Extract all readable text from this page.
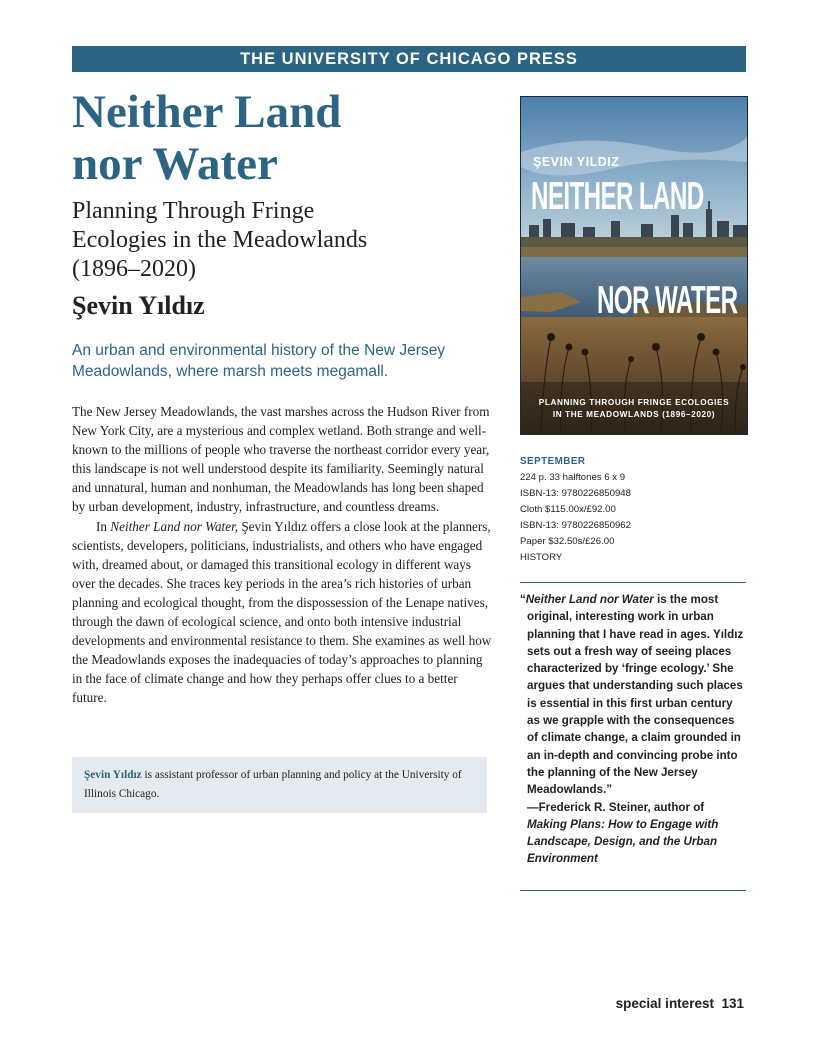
THE UNIVERSITY OF CHICAGO PRESS
Neither Land
nor Water
Planning Through Fringe
Ecologies in the Meadowlands
(1896–2020)
Şevin Yıldız
An urban and environmental history of the New Jersey Meadowlands, where marsh meets megamall.

The New Jersey Meadowlands, the vast marshes across the Hudson River from New York City, are a mysterious and complex wetland. Both strange and well-known to the millions of people who traverse the northeast corridor every year, this landscape is not well understood despite its familiarity. Seemingly natural and unnatural, human and nonhuman, the Meadowlands has long been shaped by urban development, industry, infrastructure, and countless dreams.

In Neither Land nor Water, Şevin Yıldız offers a close look at the planners, scientists, developers, politicians, industrialists, and others who have engaged with, dreamed about, or damaged this transitional ecology in different ways over the decades. She traces key periods in the area’s rich histories of urban planning and ecological thought, from the dispossession of the Lenape natives, through the dawn of ecological science, and onto both intensive industrial developments and environmental resistance to them. She examines as well how the Meadowlands exposes the inadequacies of today’s approaches to planning in the face of climate change and how they perhaps offer clues to a better future.

Şevin Yıldız is assistant professor of urban planning and policy at the University of Illinois Chicago.
ŞEVIN YILDIZ
NEITHER LAND
NOR WATER
PLANNING THROUGH FRINGE ECOLOGIES
IN THE MEADOWLANDS (1896–2020)
SEPTEMBER
224 p. 33 halftones 6 x 9
ISBN-13: 9780226850948
Cloth $115.00x/£92.00
ISBN-13: 9780226850962
Paper $32.50s/£26.00
HISTORY

“Neither Land nor Water is the most original, interesting work in urban planning that I have read in ages. Yıldız sets out a fresh way of seeing places characterized by ‘fringe ecology.’ She argues that understanding such places is essential in this first urban century as we grapple with the consequences of climate change, a claim grounded in an in-depth and convincing probe into the planning of the New Jersey Meadowlands.”

—Frederick R. Steiner, author of Making Plans: How to Engage with Landscape, Design, and the Urban Environment

special interest 131
